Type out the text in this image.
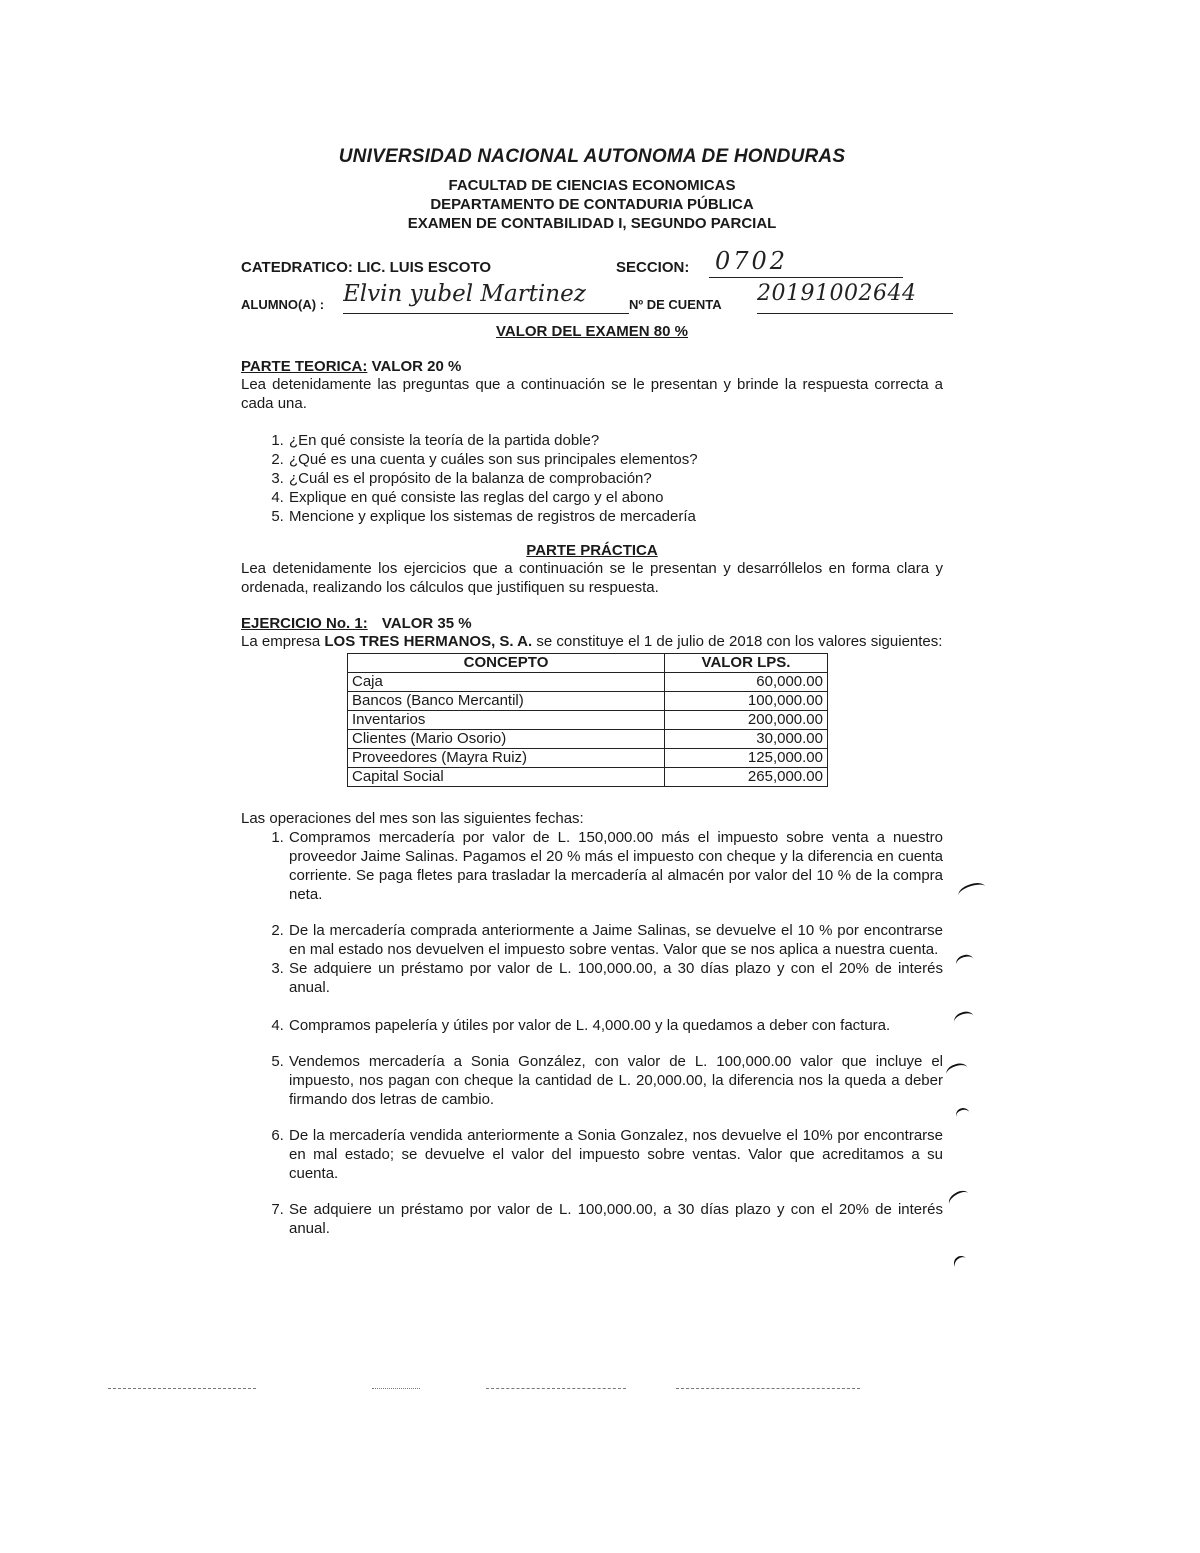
UNIVERSIDAD NACIONAL AUTONOMA DE HONDURAS
FACULTAD DE CIENCIAS ECONOMICAS
DEPARTAMENTO DE CONTADURIA PÚBLICA
EXAMEN DE CONTABILIDAD I, SEGUNDO PARCIAL
CATEDRATICO: LIC. LUIS ESCOTO	SECCION: 0702
ALUMNO(A) : Elvin yubel Martinez	Nº DE CUENTA 20191002644
VALOR DEL EXAMEN 80 %
PARTE TEORICA: VALOR 20 %

Lea detenidamente las preguntas que a continuación se le presentan y brinde la respuesta correcta a cada una.

1. ¿En qué consiste la teoría de la partida doble?
2. ¿Qué es una cuenta y cuáles son sus principales elementos?
3. ¿Cuál es el propósito de la balanza de comprobación?
4. Explique en qué consiste las reglas del cargo y el abono
5. Mencione y explique los sistemas de registros de mercadería
PARTE PRÁCTICA

Lea detenidamente los ejercicios que a continuación se le presentan y desarróllelos en forma clara y ordenada, realizando los cálculos que justifiquen su respuesta.

EJERCICIO No. 1: VALOR 35 %

La empresa LOS TRES HERMANOS, S. A. se constituye el 1 de julio de 2018 con los valores siguientes:

CONCEPTO	VALOR LPS.
Caja	60,000.00
Bancos (Banco Mercantil)	100,000.00
Inventarios	200,000.00
Clientes (Mario Osorio)	30,000.00
Proveedores (Mayra Ruiz)	125,000.00
Capital Social	265,000.00

Las operaciones del mes son las siguientes fechas:

1. Compramos mercadería por valor de L. 150,000.00 más el impuesto sobre venta a nuestro proveedor Jaime Salinas. Pagamos el 20 % más el impuesto con cheque y la diferencia en cuenta corriente. Se paga fletes para trasladar la mercadería al almacén por valor del 10 % de la compra neta.
2. De la mercadería comprada anteriormente a Jaime Salinas, se devuelve el 10 % por encontrarse en mal estado nos devuelven el impuesto sobre ventas. Valor que se nos aplica a nuestra cuenta.
3. Se adquiere un préstamo por valor de L. 100,000.00, a 30 días plazo y con el 20% de interés anual.
4. Compramos papelería y útiles por valor de L. 4,000.00 y la quedamos a deber con factura.
5. Vendemos mercadería a Sonia González, con valor de L. 100,000.00 valor que incluye el impuesto, nos pagan con cheque la cantidad de L. 20,000.00, la diferencia nos la queda a deber firmando dos letras de cambio.
6. De la mercadería vendida anteriormente a Sonia Gonzalez, nos devuelve el 10% por encontrarse en mal estado; se devuelve el valor del impuesto sobre ventas. Valor que acreditamos a su cuenta.
7. Se adquiere un préstamo por valor de L. 100,000.00, a 30 días plazo y con el 20% de interés anual.
